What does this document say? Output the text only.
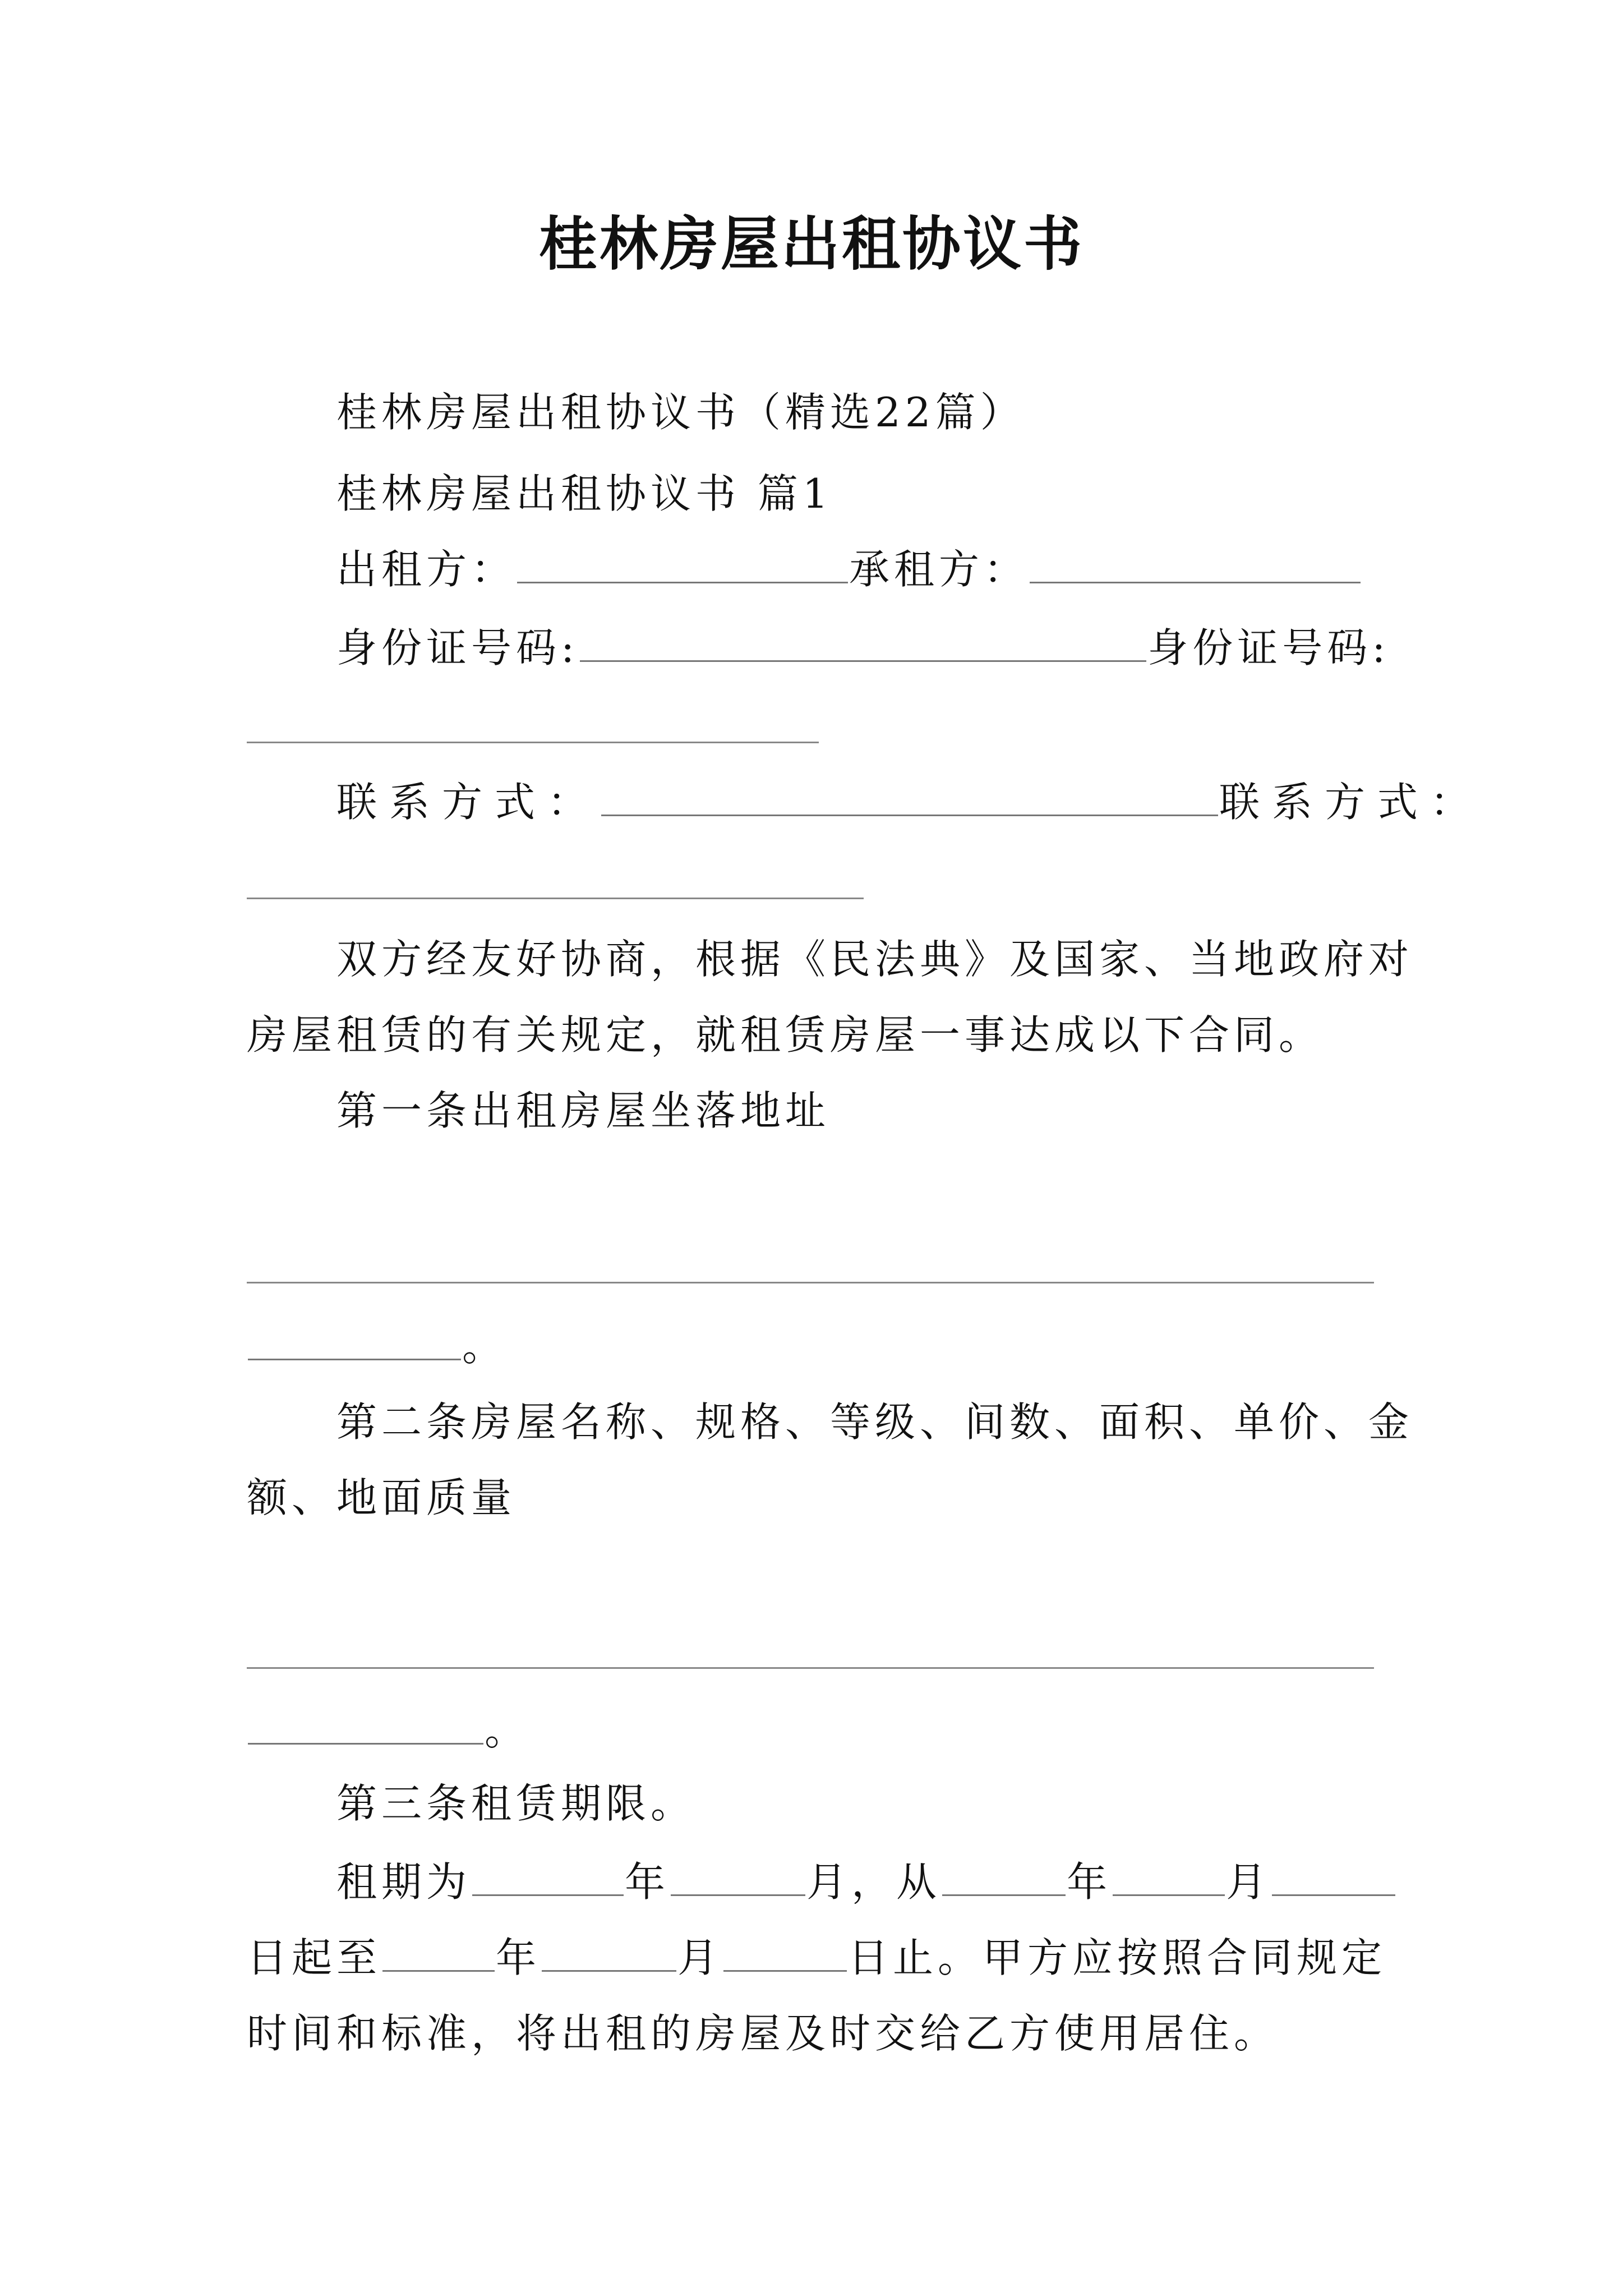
桂林房屋出租协议书
桂林房屋出租协议书（精选22篇）
桂林房屋出租协议书 篇1
出租方：	承租方：
身份证号码:	身份证号码:
联系方式：	联系方式：
双方经友好协商，根据《民法典》及国家、当地政府对
房屋租赁的有关规定，就租赁房屋一事达成以下合同。
第一条出租房屋坐落地址
。
第二条房屋名称、规格、等级、间数、面积、单价、金
额、地面质量
。
第三条租赁期限。
租期为	年	月，从	年	月
日起至	年	月	日止。甲方应按照合同规定
时间和标准，将出租的房屋及时交给乙方使用居住。
